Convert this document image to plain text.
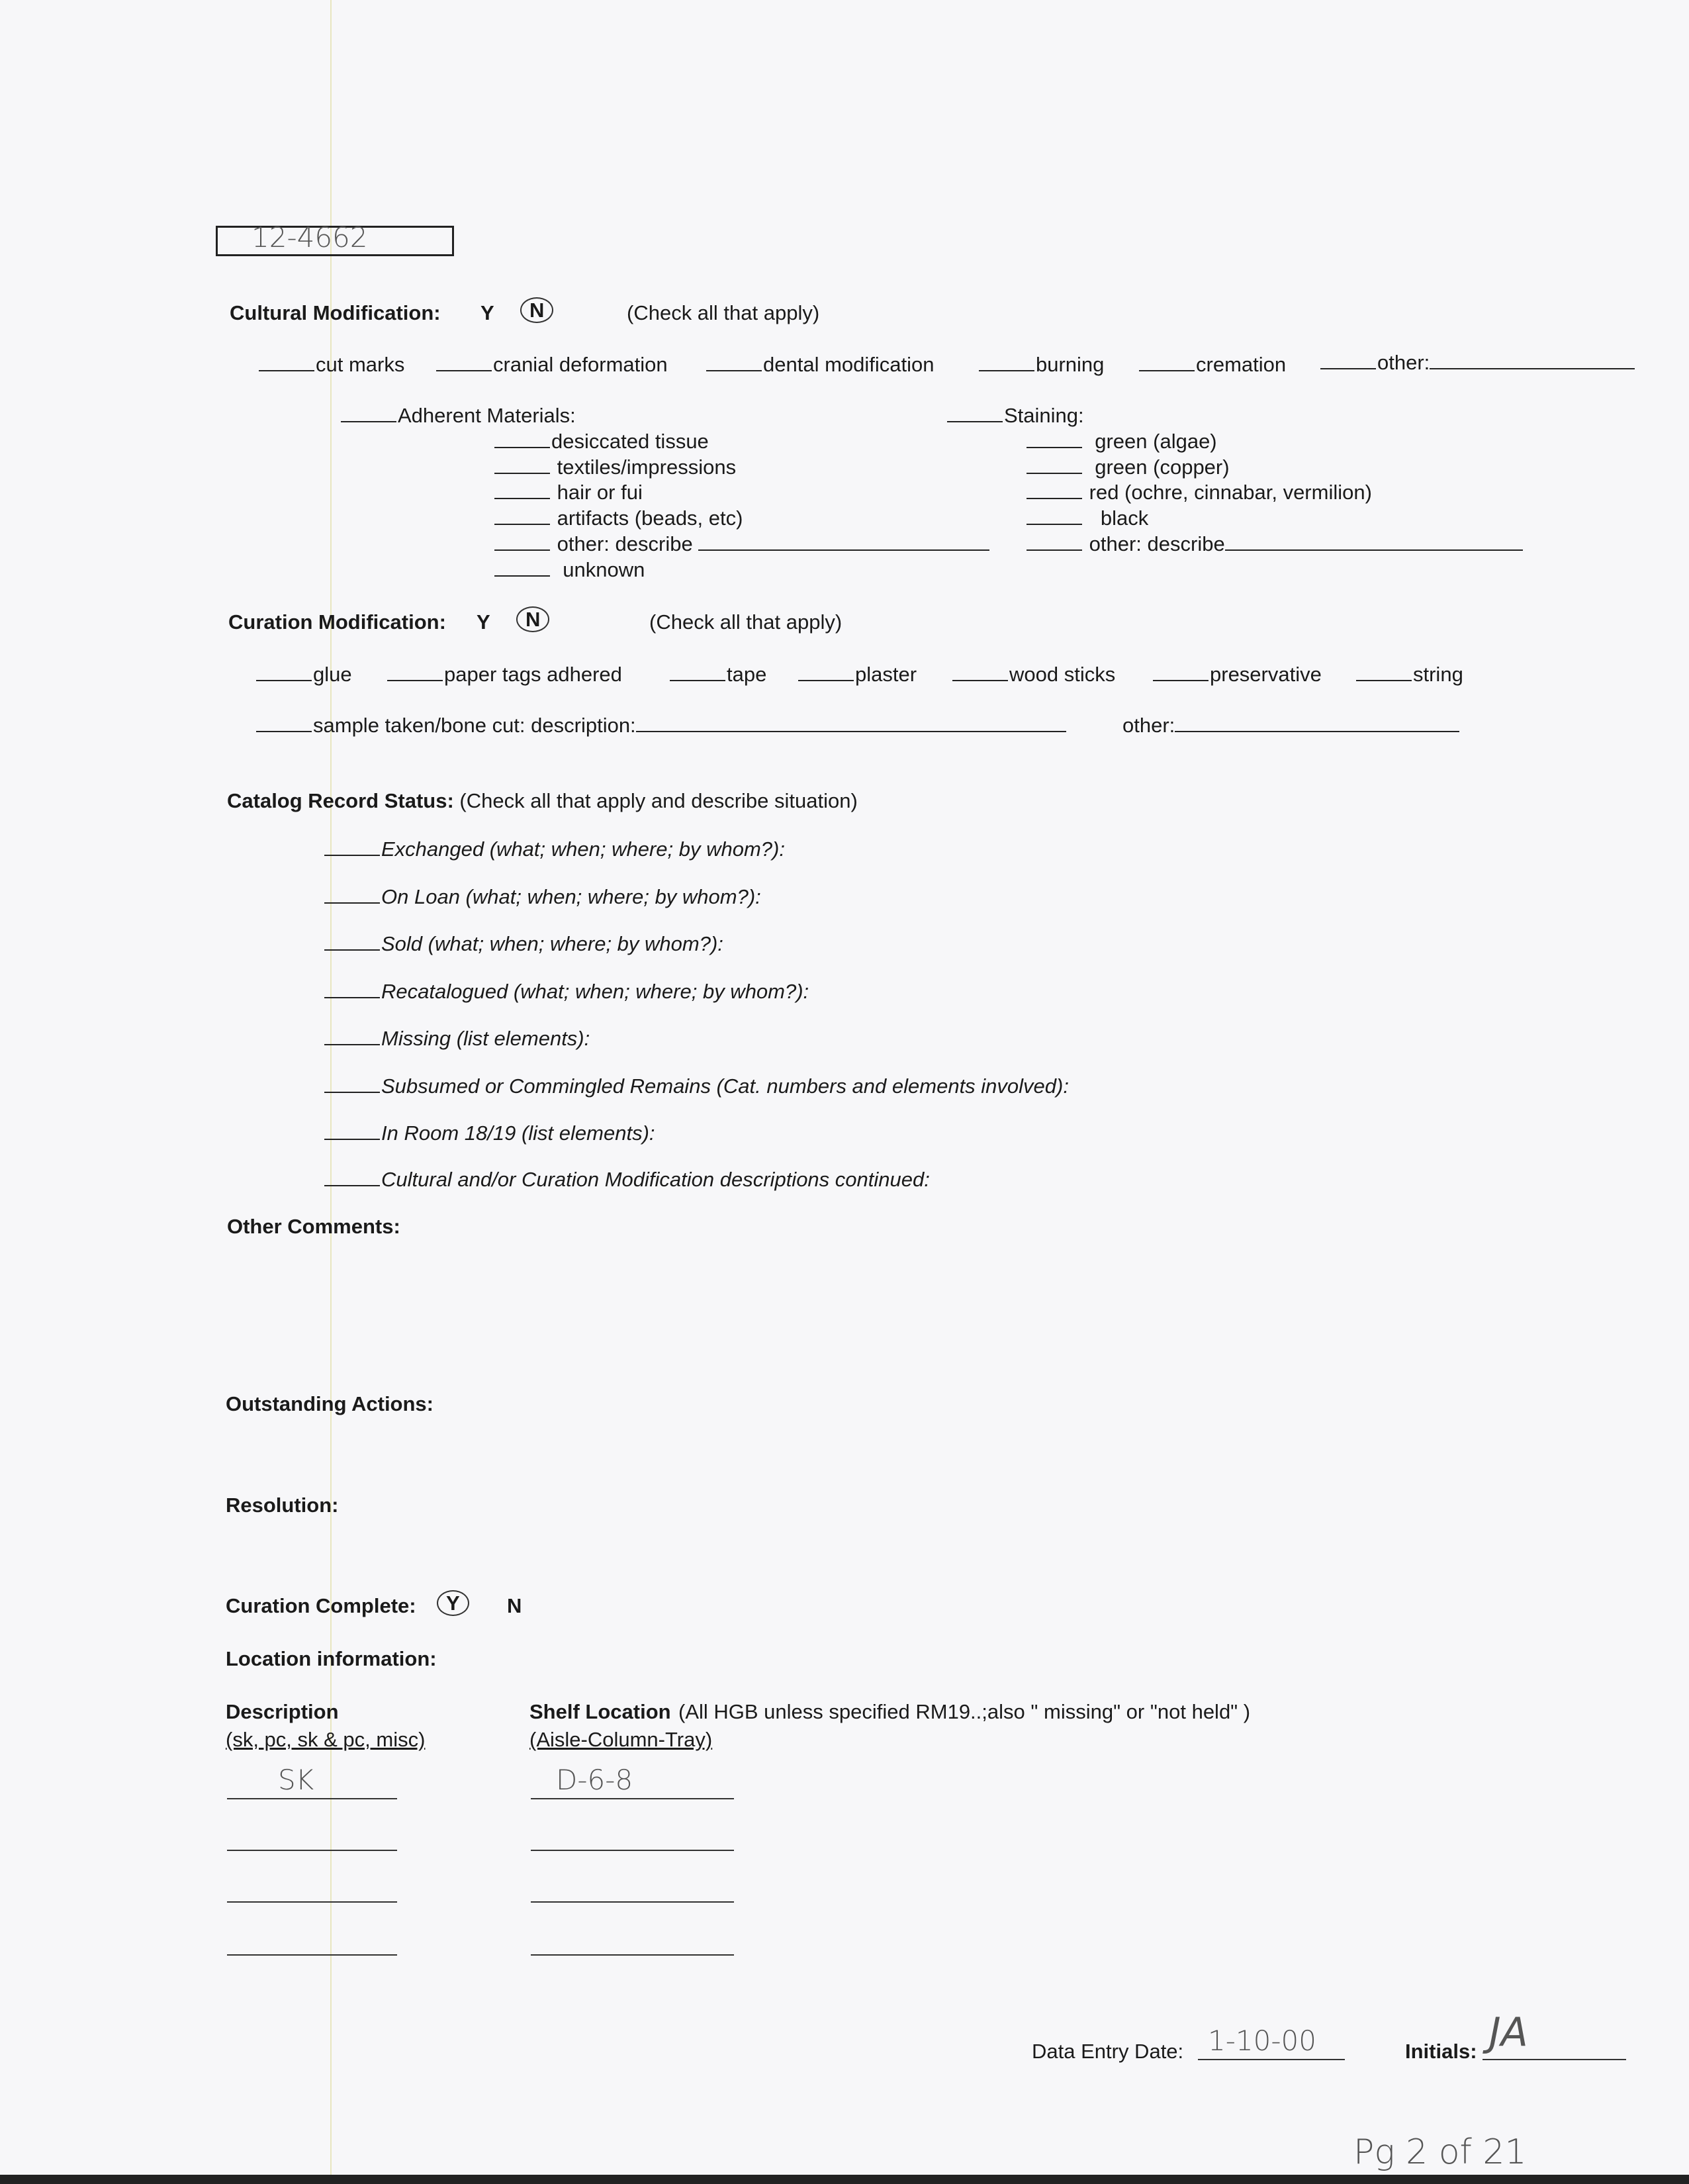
12-4662
Cultural Modification: Y	N	(Check all that apply)
cut marks	cranial deformation	dental modification	burning	cremation	other:
Adherent Materials:
desiccated tissue
textiles/impressions
hair or fui
artifacts (beads, etc)
other: describe
unknown
Staining:
green (algae)
green (copper)
red (ochre, cinnabar, vermilion)
black
other: describe
Curation Modification: Y	N	(Check all that apply)
glue	paper tags adhered	tape	plaster	wood sticks	preservative	string
sample taken/bone cut: description:	other:
Catalog Record Status: (Check all that apply and describe situation)
Exchanged (what; when; where; by whom?):
On Loan (what; when; where; by whom?):
Sold (what; when; where; by whom?):
Recatalogued (what; when; where; by whom?):
Missing (list elements):
Subsumed or Commingled Remains (Cat. numbers and elements involved):
In Room 18/19 (list elements):
Cultural and/or Curation Modification descriptions continued:
Other Comments:
Outstanding Actions:
Resolution:
Curation Complete:	Y	N
Location information:
Description
(sk, pc, sk & pc, misc)
Shelf Location (All HGB unless specified RM19..;also " missing" or "not held" )
(Aisle-Column-Tray)
SK	D-6-8
Data Entry Date: 1-10-00	Initials: JA
Pg 2 of 21
